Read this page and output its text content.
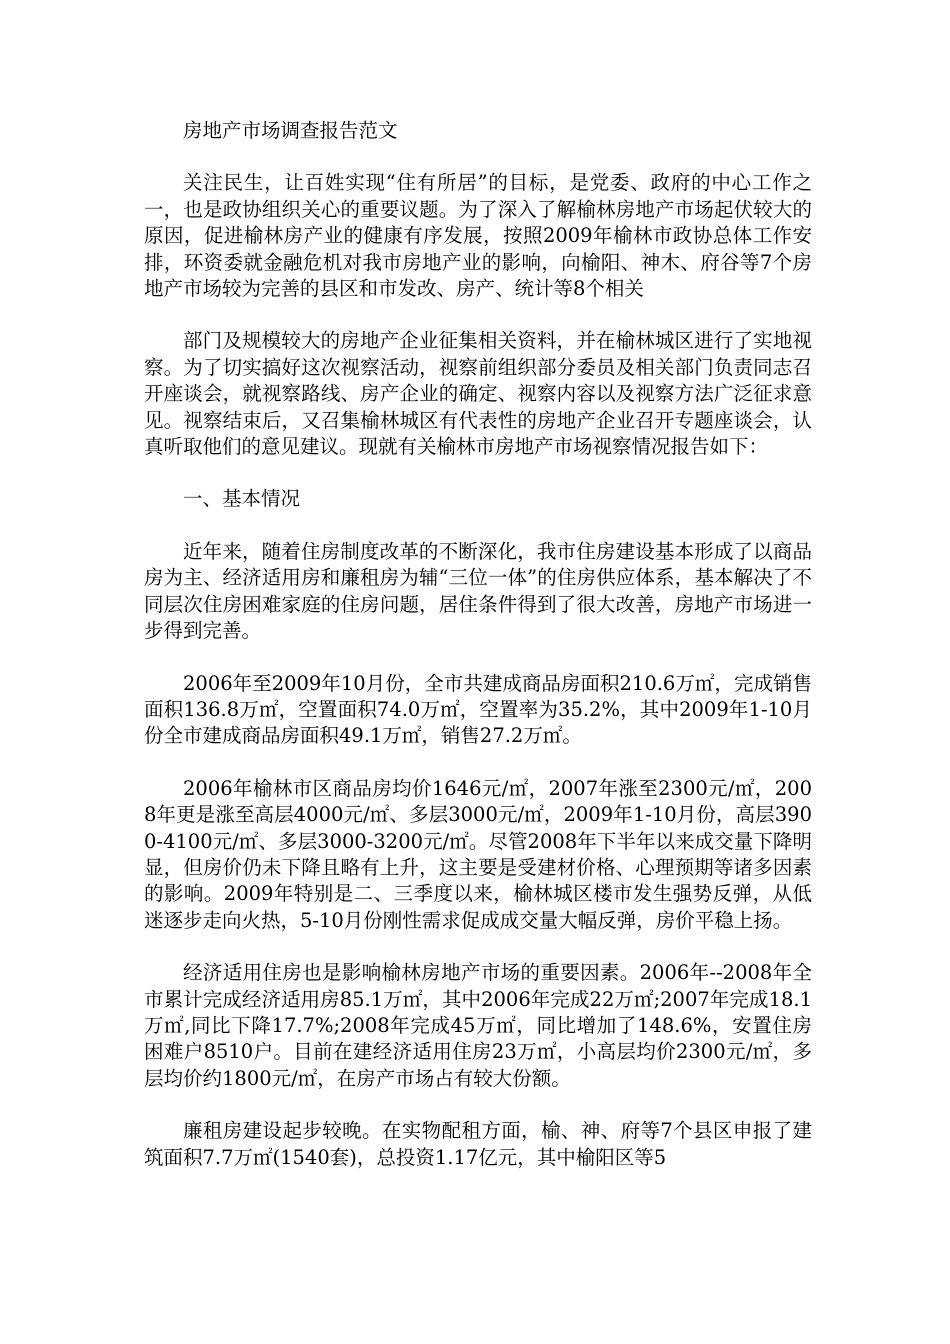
房地产市场调查报告范文

关注民生，让百姓实现“住有所居”的目标，是党委、政府的中心工作之一，也是政协组织关心的重要议题。为了深入了解榆林房地产市场起伏较大的原因，促进榆林房产业的健康有序发展，按照2009年榆林市政协总体工作安排，环资委就金融危机对我市房地产业的影响，向榆阳、神木、府谷等7个房地产市场较为完善的县区和市发改、房产、统计等8个相关

部门及规模较大的房地产企业征集相关资料，并在榆林城区进行了实地视察。为了切实搞好这次视察活动，视察前组织部分委员及相关部门负责同志召开座谈会，就视察路线、房产企业的确定、视察内容以及视察方法广泛征求意见。视察结束后，又召集榆林城区有代表性的房地产企业召开专题座谈会，认真听取他们的意见建议。现就有关榆林市房地产市场视察情况报告如下：

一、基本情况

近年来，随着住房制度改革的不断深化，我市住房建设基本形成了以商品房为主、经济适用房和廉租房为辅“三位一体”的住房供应体系，基本解决了不同层次住房困难家庭的住房问题，居住条件得到了很大改善，房地产市场进一步得到完善。

2006年至2009年10月份，全市共建成商品房面积210.6万㎡，完成销售面积136.8万㎡，空置面积74.0万㎡，空置率为35.2%，其中2009年1-10月份全市建成商品房面积49.1万㎡，销售27.2万㎡。

2006年榆林市区商品房均价1646元/㎡，2007年涨至2300元/㎡，2008年更是涨至高层4000元/㎡、多层3000元/㎡，2009年1-10月份，高层3900-4100元/㎡、多层3000-3200元/㎡。尽管2008年下半年以来成交量下降明显，但房价仍未下降且略有上升，这主要是受建材价格、心理预期等诸多因素的影响。2009年特别是二、三季度以来，榆林城区楼市发生强势反弹，从低迷逐步走向火热，5-10月份刚性需求促成成交量大幅反弹，房价平稳上扬。

经济适用住房也是影响榆林房地产市场的重要因素。2006年--2008年全市累计完成经济适用房85.1万㎡，其中2006年完成22万㎡;2007年完成18.1万㎡,同比下降17.7%;2008年完成45万㎡，同比增加了148.6%，安置住房困难户8510户。目前在建经济适用住房23万㎡，小高层均价2300元/㎡，多层均价约1800元/㎡，在房产市场占有较大份额。

廉租房建设起步较晚。在实物配租方面，榆、神、府等7个县区申报了建筑面积7.7万㎡(1540套)，总投资1.17亿元，其中榆阳区等5
